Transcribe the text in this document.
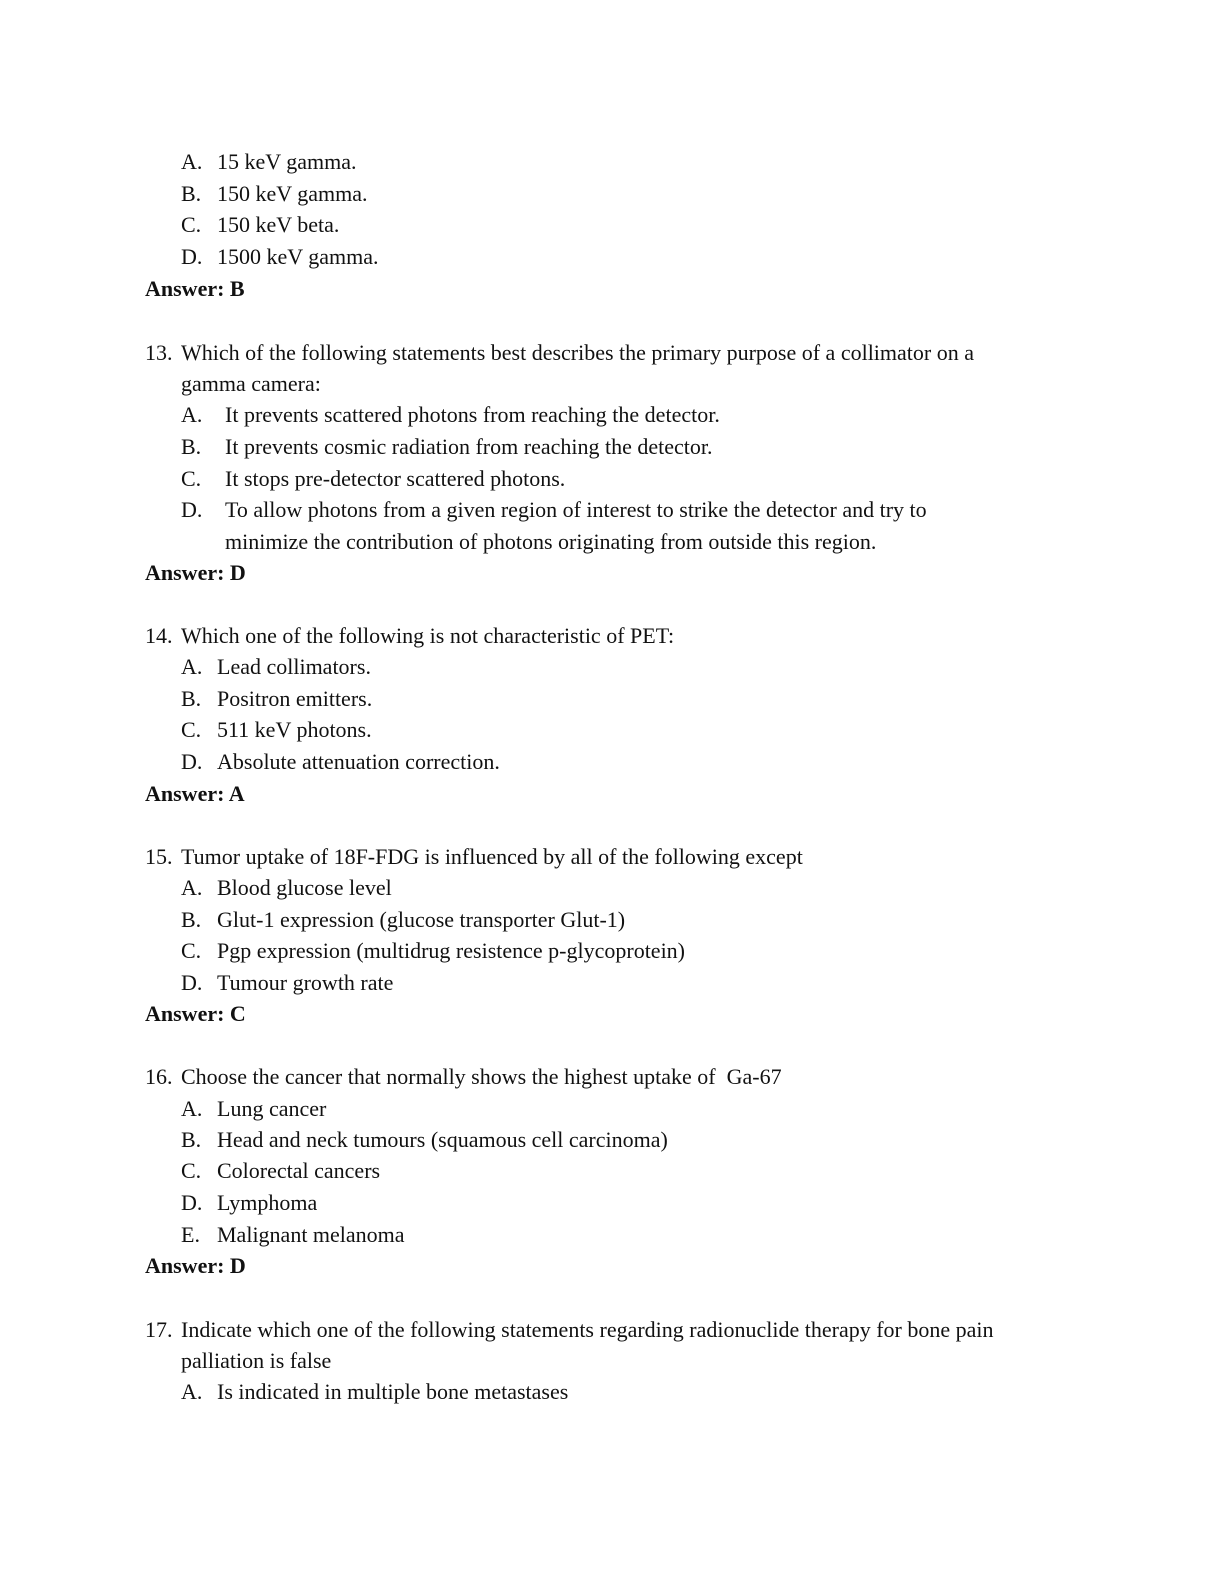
A. 15 keV gamma.
B. 150 keV gamma.
C. 150 keV beta.
D. 1500 keV gamma.
Answer: B
13. Which of the following statements best describes the primary purpose of a collimator on a
gamma camera:
A. It prevents scattered photons from reaching the detector.
B. It prevents cosmic radiation from reaching the detector.
C. It stops pre-detector scattered photons.
D. To allow photons from a given region of interest to strike the detector and try to
minimize the contribution of photons originating from outside this region.
Answer: D
14. Which one of the following is not characteristic of PET:
A. Lead collimators.
B. Positron emitters.
C. 511 keV photons.
D. Absolute attenuation correction.
Answer: A
15. Tumor uptake of 18F-FDG is influenced by all of the following except
A. Blood glucose level
B. Glut-1 expression (glucose transporter Glut-1)
C. Pgp expression (multidrug resistence p-glycoprotein)
D. Tumour growth rate
Answer: C
16. Choose the cancer that normally shows the highest uptake of  Ga-67
A. Lung cancer
B. Head and neck tumours (squamous cell carcinoma)
C. Colorectal cancers
D. Lymphoma
E. Malignant melanoma
Answer: D
17. Indicate which one of the following statements regarding radionuclide therapy for bone pain
palliation is false
A. Is indicated in multiple bone metastases
